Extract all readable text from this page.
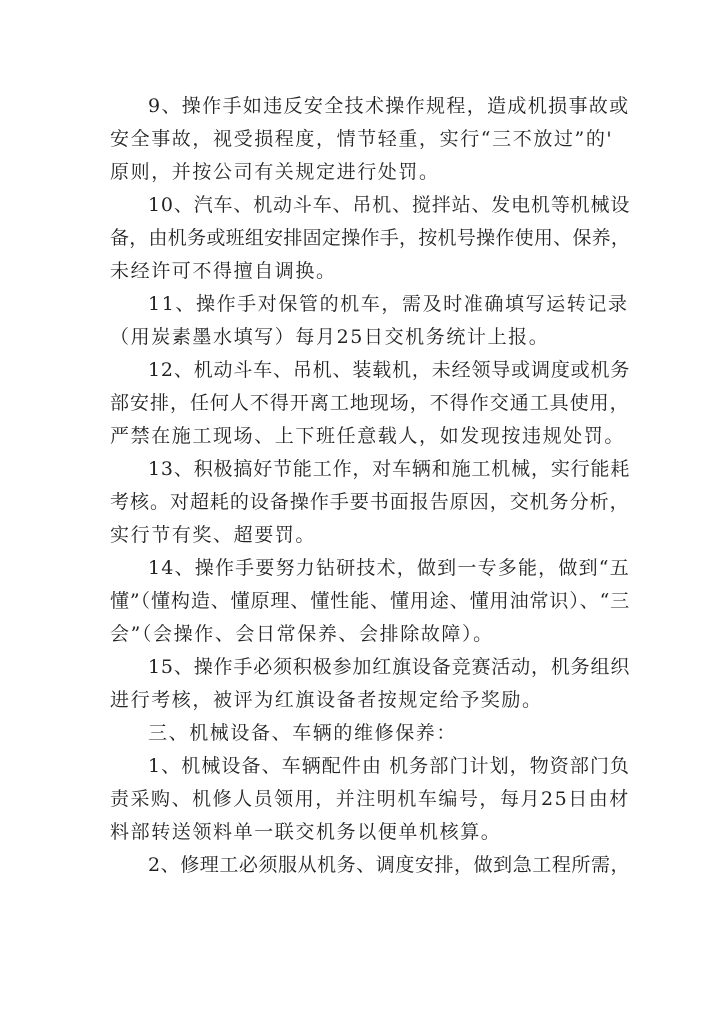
9、操作手如违反安全技术操作规程，造成机损事故或
安全事故，视受损程度，情节轻重，实行“三不放过”的'
原则，并按公司有关规定进行处罚。

10、汽车、机动斗车、吊机、搅拌站、发电机等机械设
备，由机务或班组安排固定操作手，按机号操作使用、保养，
未经许可不得擅自调换。

11、操作手对保管的机车，需及时准确填写运转记录
（用炭素墨水填写）每月25日交机务统计上报。

12、机动斗车、吊机、装载机，未经领导或调度或机务
部安排，任何人不得开离工地现场，不得作交通工具使用，
严禁在施工现场、上下班任意载人，如发现按违规处罚。

13、积极搞好节能工作，对车辆和施工机械，实行能耗
考核。对超耗的设备操作手要书面报告原因，交机务分析，
实行节有奖、超要罚。

14、操作手要努力钻研技术，做到一专多能，做到“五
懂”（懂构造、懂原理、懂性能、懂用途、懂用油常识）、“三
会”（会操作、会日常保养、会排除故障）。

15、操作手必须积极参加红旗设备竞赛活动，机务组织
进行考核，被评为红旗设备者按规定给予奖励。

三、机械设备、车辆的维修保养：

1、机械设备、车辆配件由 机务部门计划，物资部门负
责采购、机修人员领用，并注明机车编号，每月25日由材
料部转送领料单一联交机务以便单机核算。

2、修理工必须服从机务、调度安排，做到急工程所需，
